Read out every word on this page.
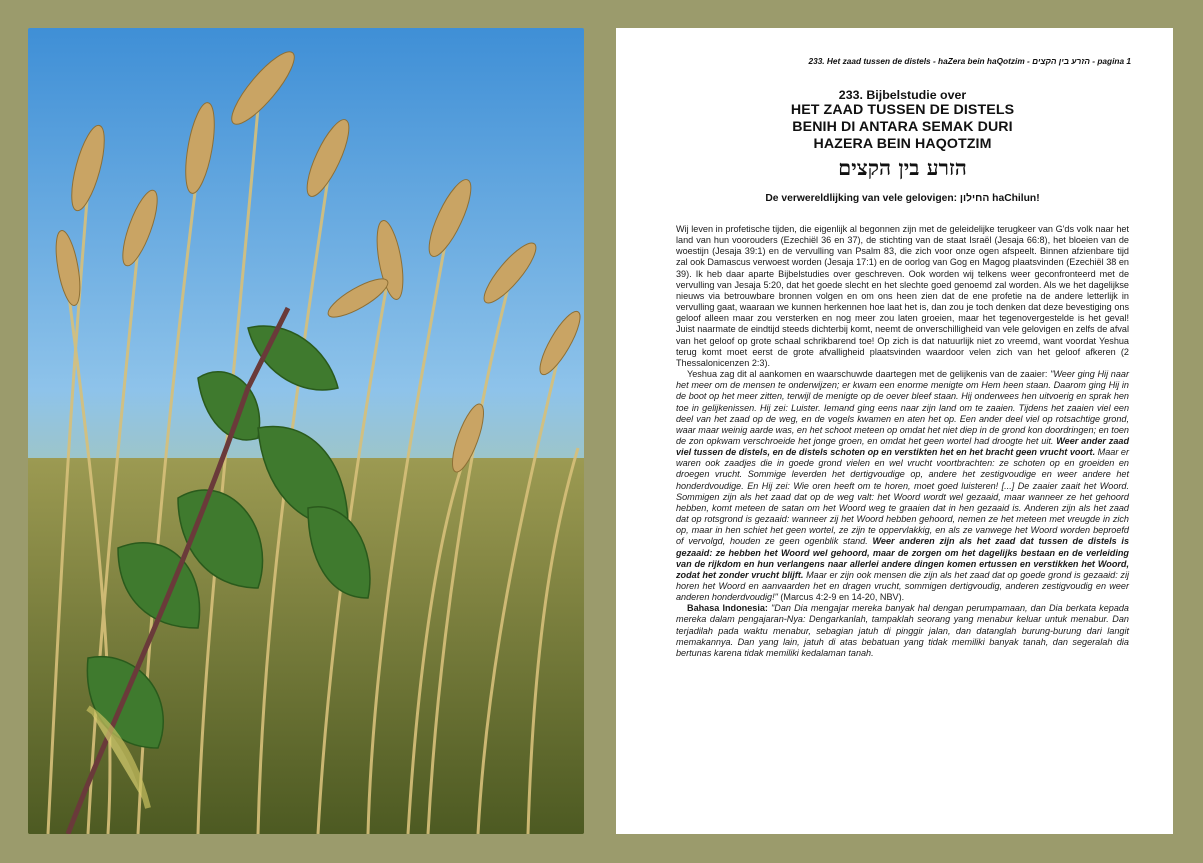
233. Het zaad tussen de distels - haZera bein haQotzim - הזרע בין הקצים - pagina 1
233. Bijbelstudie over
HET ZAAD TUSSEN DE DISTELS
BENIH DI ANTARA SEMAK DURI
HAZERA BEIN HAQOTZIM
הזרע בין הקצים
De verwereldlijking van vele gelovigen: החילון haChilun!

Wij leven in profetische tijden, die eigenlijk al begonnen zijn met de geleidelijke terugkeer van G'ds volk naar het land van hun voorouders (Ezechiël 36 en 37), de stichting van de staat Israël (Jesaja 66:8), het bloeien van de woestijn (Jesaja 39:1) en de vervulling van Psalm 83, die zich voor onze ogen afspeelt. Binnen afzienbare tijd zal ook Damascus verwoest worden (Jesaja 17:1) en de oorlog van Gog en Magog plaatsvinden (Ezechiël 38 en 39). Ik heb daar aparte Bijbelstudies over geschreven. Ook worden wij telkens weer geconfronteerd met de vervulling van Jesaja 5:20, dat het goede slecht en het slechte goed genoemd zal worden. Als we het dagelijkse nieuws via betrouwbare bronnen volgen en om ons heen zien dat de ene profetie na de andere letterlijk in vervulling gaat, waaraan we kunnen herkennen hoe laat het is, dan zou je toch denken dat deze bevestiging ons geloof alleen maar zou versterken en nog meer zou laten groeien, maar het tegenovergestelde is het geval! Juist naarmate de eindtijd steeds dichterbij komt, neemt de onverschilligheid van vele gelovigen en zelfs de afval van het geloof op grote schaal schrikbarend toe! Op zich is dat natuurlijk niet zo vreemd, want voordat Yeshua terug komt moet eerst de grote afvalligheid plaatsvinden waardoor velen zich van het geloof afkeren (2 Thessalonicenzen 2:3).

Yeshua zag dit al aankomen en waarschuwde daartegen met de gelijkenis van de zaaier: "Weer ging Hij naar het meer om de mensen te onderwijzen; er kwam een enorme menigte om Hem heen staan. Daarom ging Hij in de boot op het meer zitten, terwijl de menigte op de oever bleef staan. Hij onderwees hen uitvoerig en sprak hen toe in gelijkenissen. Hij zei: Luister. Iemand ging eens naar zijn land om te zaaien. Tijdens het zaaien viel een deel van het zaad op de weg, en de vogels kwamen en aten het op. Een ander deel viel op rotsachtige grond, waar maar weinig aarde was, en het schoot meteen op omdat het niet diep in de grond kon doordringen; en toen de zon opkwam verschroeide het jonge groen, en omdat het geen wortel had droogte het uit. Weer ander zaad viel tussen de distels, en de distels schoten op en verstikten het en het bracht geen vrucht voort. Maar er waren ook zaadjes die in goede grond vielen en wel vrucht voortbrachten: ze schoten op en groeiden en droegen vrucht. Sommige leverden het dertigvoudige op, andere het zestigvoudige en weer andere het honderdvoudige. En Hij zei: Wie oren heeft om te horen, moet goed luisteren! [...] De zaaier zaait het Woord. Sommigen zijn als het zaad dat op de weg valt: het Woord wordt wel gezaaid, maar wanneer ze het gehoord hebben, komt meteen de satan om het Woord weg te graaien dat in hen gezaaid is. Anderen zijn als het zaad dat op rotsgrond is gezaaid: wanneer zij het Woord hebben gehoord, nemen ze het meteen met vreugde in zich op, maar in hen schiet het geen wortel, ze zijn te oppervlakkig, en als ze vanwege het Woord worden beproefd of vervolgd, houden ze geen ogenblik stand. Weer anderen zijn als het zaad dat tussen de distels is gezaaid: ze hebben het Woord wel gehoord, maar de zorgen om het dagelijks bestaan en de verleiding van de rijkdom en hun verlangens naar allerlei andere dingen komen ertussen en verstikken het Woord, zodat het zonder vrucht blijft. Maar er zijn ook mensen die zijn als het zaad dat op goede grond is gezaaid: zij horen het Woord en aanvaarden het en dragen vrucht, sommigen dertigvoudig, anderen zestigvoudig en weer anderen honderdvoudig!" (Marcus 4:2-9 en 14-20, NBV).

Bahasa Indonesia: "Dan Dia mengajar mereka banyak hal dengan perumpamaan, dan Dia berkata kepada mereka dalam pengajaran-Nya: Dengarkanlah, tampaklah seorang yang menabur keluar untuk menabur. Dan terjadilah pada waktu menabur, sebagian jatuh di pinggir jalan, dan datanglah burung-burung dari langit memakannya. Dan yang lain, jatuh di atas bebatuan yang tidak memiliki banyak tanah, dan segeralah dia bertunas karena tidak memiliki kedalaman tanah.
